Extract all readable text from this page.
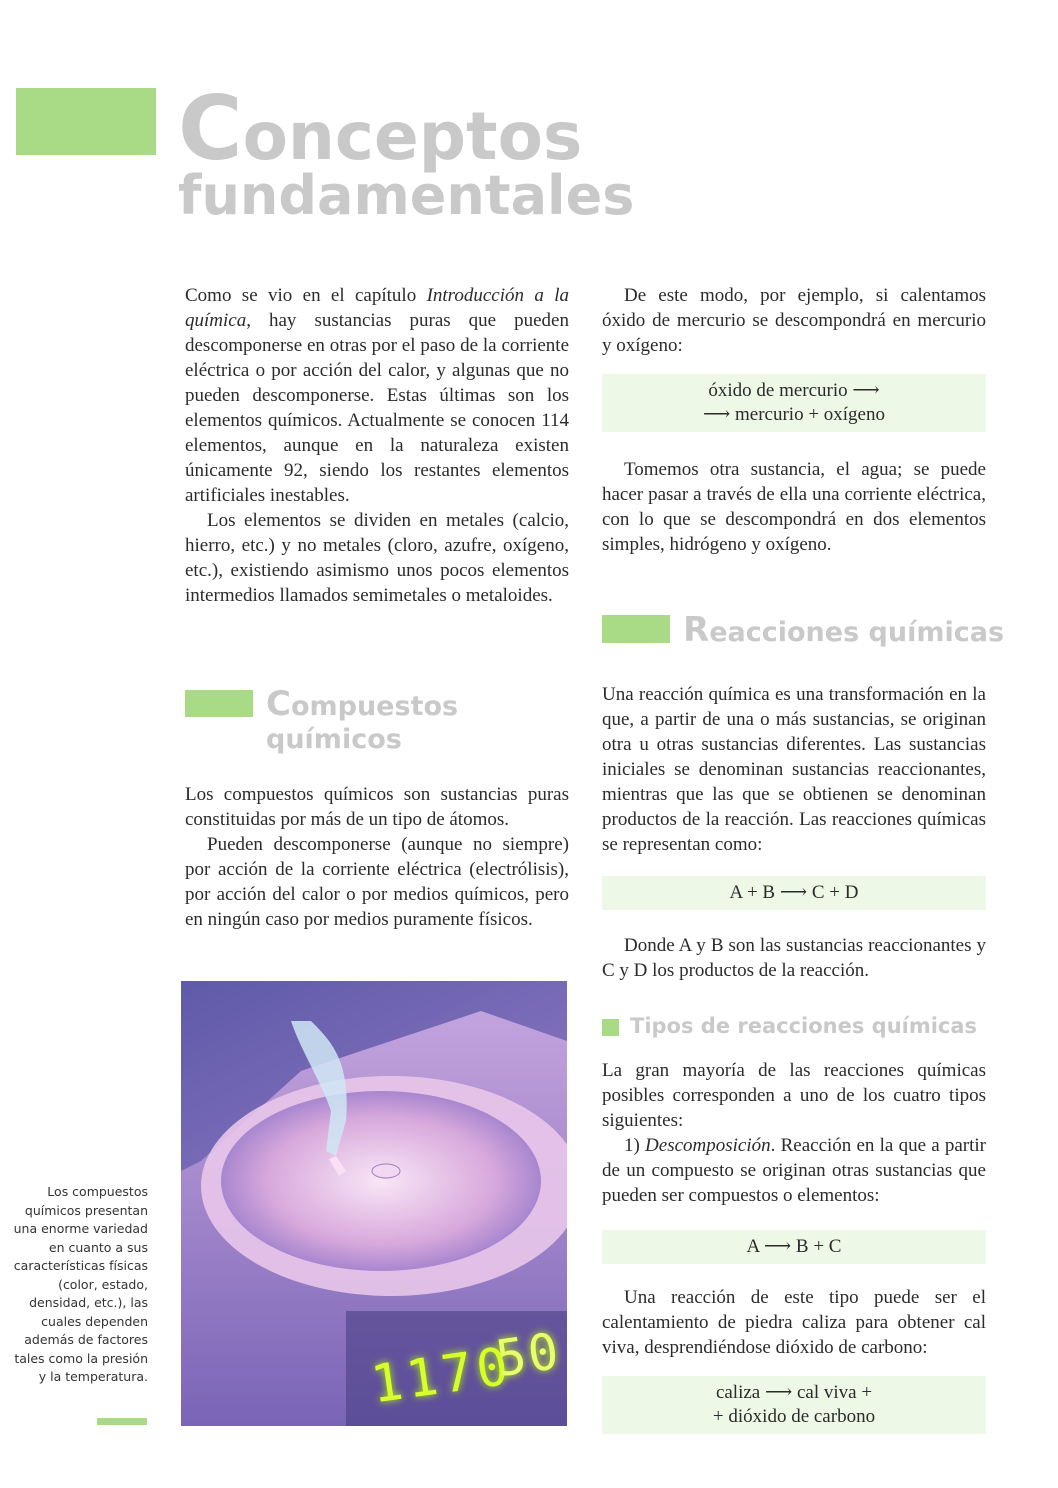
Conceptos
fundamentales

Como se vio en el capítulo Introducción a la química, hay sustancias puras que pueden descomponerse en otras por el paso de la corriente eléctrica o por acción del calor, y algunas que no pueden descomponerse. Estas últimas son los elementos químicos. Actualmente se conocen 114 elementos, aunque en la naturaleza existen únicamente 92, siendo los restantes elementos artificiales inestables.

Los elementos se dividen en metales (calcio, hierro, etc.) y no metales (cloro, azufre, oxígeno, etc.), existiendo asimismo unos pocos elementos intermedios llamados semimetales o metaloides.

Compuestos
químicos

Los compuestos químicos son sustancias puras constituidas por más de un tipo de átomos.

Pueden descomponerse (aunque no siempre) por acción de la corriente eléctrica (electrólisis), por acción del calor o por medios químicos, pero en ningún caso por medios puramente físicos.

1170
50
Los compuestos químicos presentan una enorme variedad en cuanto a sus características físicas (color, estado, densidad, etc.), las cuales dependen además de factores tales como la presión y la temperatura.
De este modo, por ejemplo, si calentamos óxido de mercurio se descompondrá en mercurio y oxígeno:
óxido de mercurio ⟶
⟶ mercurio + oxígeno
Tomemos otra sustancia, el agua; se puede hacer pasar a través de ella una corriente eléctrica, con lo que se descompondrá en dos elementos simples, hidrógeno y oxígeno.
Reacciones químicas
Una reacción química es una transformación en la que, a partir de una o más sustancias, se originan otra u otras sustancias diferentes. Las sustancias iniciales se denominan sustancias reaccionantes, mientras que las que se obtienen se denominan productos de la reacción. Las reacciones químicas se representan como:
A + B ⟶ C + D
Donde A y B son las sustancias reaccionantes y C y D los productos de la reacción.
Tipos de reacciones químicas

La gran mayoría de las reacciones químicas posibles corresponden a uno de los cuatro tipos siguientes:

1) Descomposición. Reacción en la que a partir de un compuesto se originan otras sustancias que pueden ser compuestos o elementos:

A ⟶ B + C
Una reacción de este tipo puede ser el calentamiento de piedra caliza para obtener cal viva, desprendiéndose dióxido de carbono:
caliza ⟶ cal viva +
+ dióxido de carbono
